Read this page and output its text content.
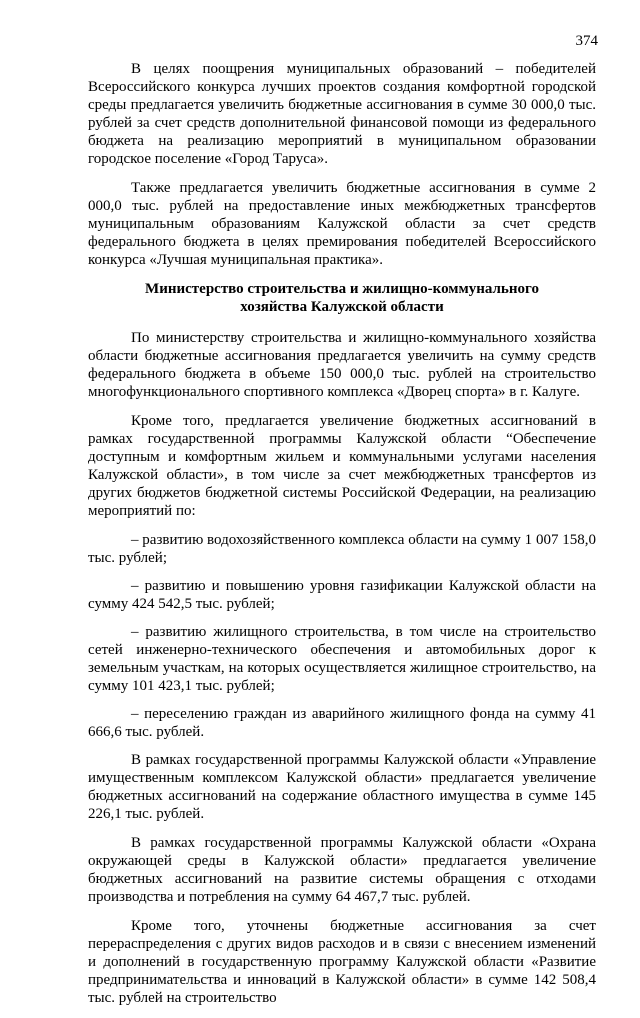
374

В целях поощрения муниципальных образований – победителей Всероссийского конкурса лучших проектов создания комфортной городской среды предлагается увеличить бюджетные ассигнования в сумме 30 000,0 тыс. рублей за счет средств дополнительной финансовой помощи из федерального бюджета на реализацию мероприятий в муниципальном образовании городское поселение «Город Таруса».

Также предлагается увеличить бюджетные ассигнования в сумме 2 000,0 тыс. рублей на предоставление иных межбюджетных трансфертов муниципальным образованиям Калужской области за счет средств федерального бюджета в целях премирования победителей Всероссийского конкурса «Лучшая муниципальная практика».

Министерство строительства и жилищно-коммунального
хозяйства Калужской области

По министерству строительства и жилищно-коммунального хозяйства области бюджетные ассигнования предлагается увеличить на сумму средств федерального бюджета в объеме 150 000,0 тыс. рублей на строительство многофункционального спортивного комплекса «Дворец спорта» в г. Калуге.

Кроме того, предлагается увеличение бюджетных ассигнований в рамках государственной программы Калужской области “Обеспечение доступным и комфортным жильем и коммунальными услугами населения Калужской области», в том числе за счет межбюджетных трансфертов из других бюджетов бюджетной системы Российской Федерации, на реализацию мероприятий по:

– развитию водохозяйственного комплекса области на сумму 1 007 158,0 тыс. рублей;

– развитию и повышению уровня газификации Калужской области на сумму 424 542,5 тыс. рублей;

– развитию жилищного строительства, в том числе на строительство сетей инженерно-технического обеспечения и автомобильных дорог к земельным участкам, на которых осуществляется жилищное строительство, на сумму 101 423,1 тыс. рублей;

– переселению граждан из аварийного жилищного фонда на сумму 41 666,6 тыс. рублей.

В рамках государственной программы Калужской области «Управление имущественным комплексом Калужской области» предлагается увеличение бюджетных ассигнований на содержание областного имущества в сумме 145 226,1 тыс. рублей.

В рамках государственной программы Калужской области «Охрана окружающей среды в Калужской области» предлагается увеличение бюджетных ассигнований на развитие системы обращения с отходами производства и потребления на сумму 64 467,7 тыс. рублей.

Кроме того, уточнены бюджетные ассигнования за счет перераспределения с других видов расходов и в связи с внесением изменений и дополнений в государственную программу Калужской области «Развитие предпринимательства и инноваций в Калужской области» в сумме 142 508,4 тыс. рублей на строительство
